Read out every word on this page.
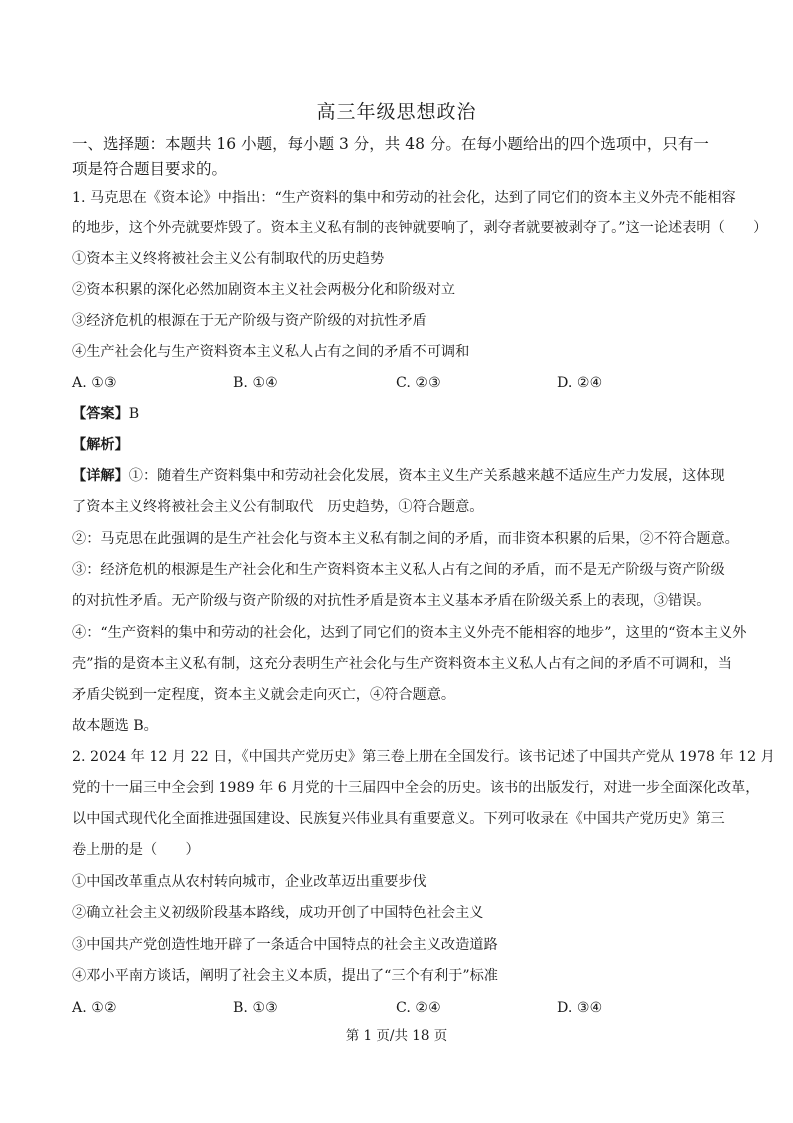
高三年级思想政治
一、选择题：本题共 16 小题，每小题 3 分，共 48 分。在每小题给出的四个选项中，只有一
项是符合题目要求的。
1. 马克思在《资本论》中指出：“生产资料的集中和劳动的社会化，达到了同它们的资本主义外壳不能相容
的地步，这个外壳就要炸毁了。资本主义私有制的丧钟就要响了，剥夺者就要被剥夺了。”这一论述表明（　　）
①资本主义终将被社会主义公有制取代的历史趋势
②资本积累的深化必然加剧资本主义社会两极分化和阶级对立
③经济危机的根源在于无产阶级与资产阶级的对抗性矛盾
④生产社会化与生产资料资本主义私人占有之间的矛盾不可调和
A. ①③	B. ①④	C. ②③	D. ②④
【答案】B
【解析】
【详解】①：随着生产资料集中和劳动社会化发展，资本主义生产关系越来越不适应生产力发展，这体现
了资本主义终将被社会主义公有制取代　历史趋势，①符合题意。
②：马克思在此强调的是生产社会化与资本主义私有制之间的矛盾，而非资本积累的后果，②不符合题意。
③：经济危机的根源是生产社会化和生产资料资本主义私人占有之间的矛盾，而不是无产阶级与资产阶级
的对抗性矛盾。无产阶级与资产阶级的对抗性矛盾是资本主义基本矛盾在阶级关系上的表现，③错误。
④：“生产资料的集中和劳动的社会化，达到了同它们的资本主义外壳不能相容的地步”，这里的“资本主义外
壳”指的是资本主义私有制，这充分表明生产社会化与生产资料资本主义私人占有之间的矛盾不可调和，当
矛盾尖锐到一定程度，资本主义就会走向灭亡，④符合题意。
故本题选 B。
2. 2024 年 12 月 22 日，《中国共产党历史》第三卷上册在全国发行。该书记述了中国共产党从 1978 年 12 月
党的十一届三中全会到 1989 年 6 月党的十三届四中全会的历史。该书的出版发行，对进一步全面深化改革，
以中国式现代化全面推进强国建设、民族复兴伟业具有重要意义。下列可收录在《中国共产党历史》第三
卷上册的是（　　）
①中国改革重点从农村转向城市，企业改革迈出重要步伐
②确立社会主义初级阶段基本路线，成功开创了中国特色社会主义
③中国共产党创造性地开辟了一条适合中国特点的社会主义改造道路
④邓小平南方谈话，阐明了社会主义本质，提出了“三个有利于”标准
A. ①②	B. ①③	C. ②④	D. ③④
第 1 页/共 18 页
